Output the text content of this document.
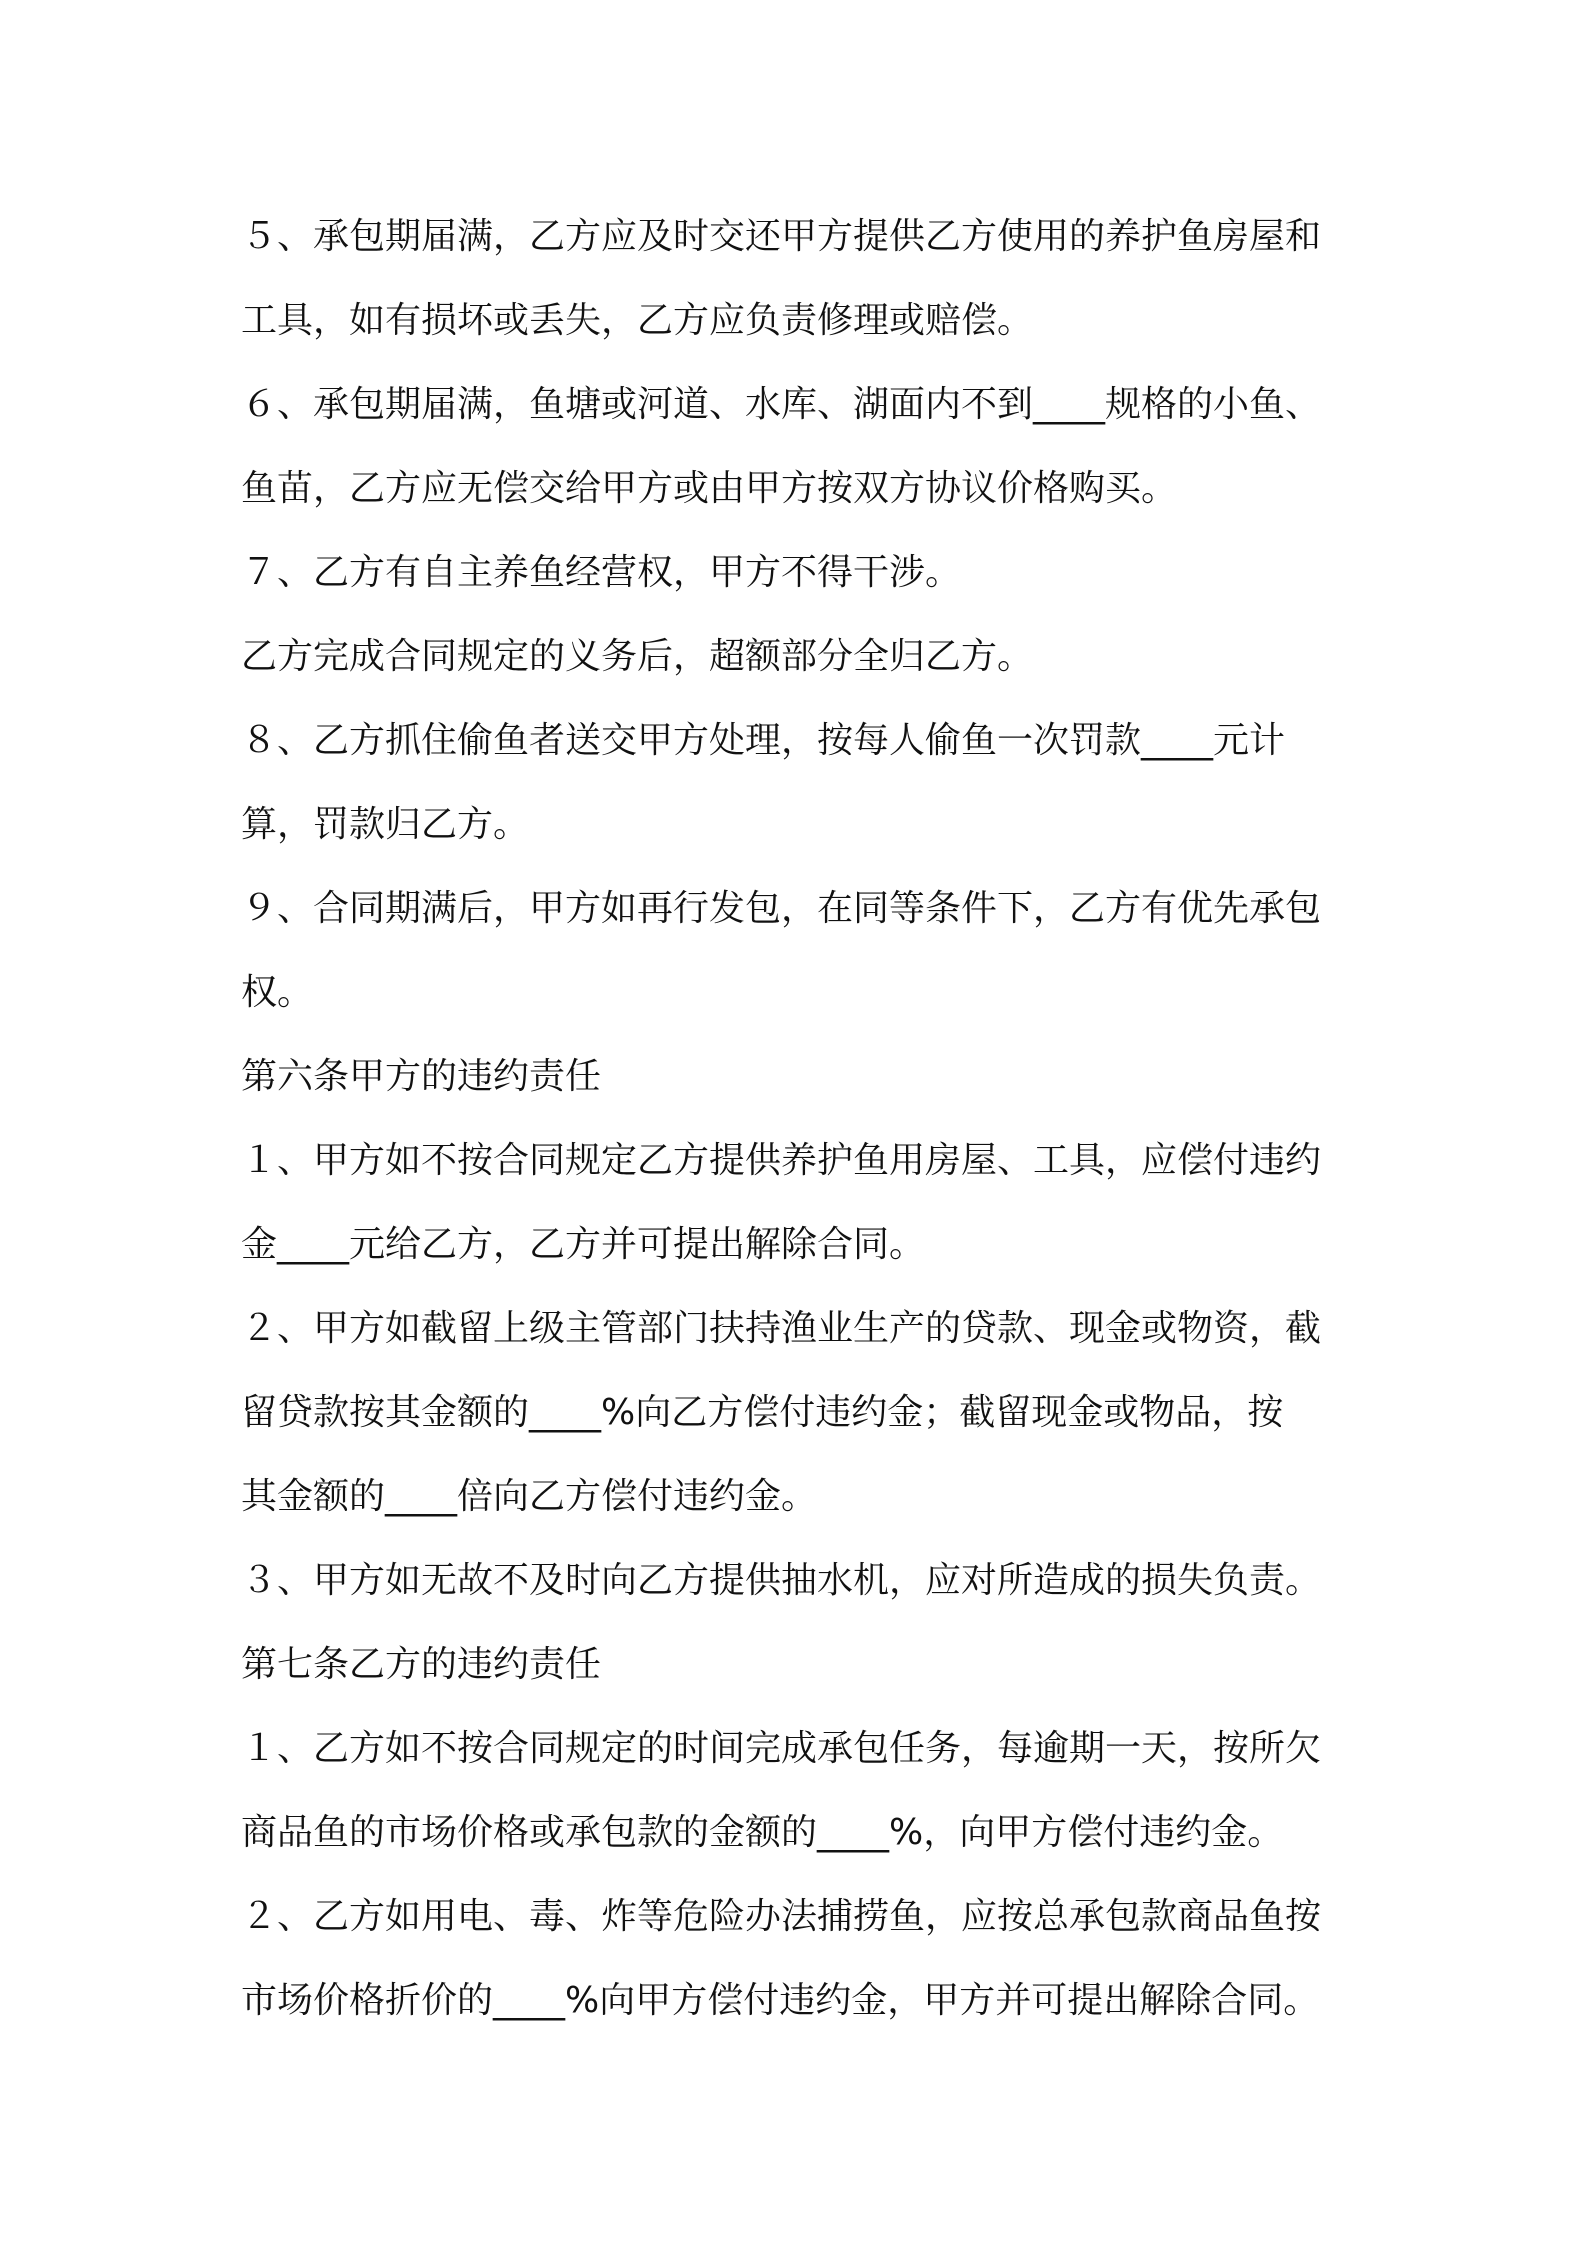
５、承包期届满，乙方应及时交还甲方提供乙方使用的养护鱼房屋和
工具，如有损坏或丢失，乙方应负责修理或赔偿。
６、承包期届满，鱼塘或河道、水库、湖面内不到____规格的小鱼、
鱼苗，乙方应无偿交给甲方或由甲方按双方协议价格购买。
７、乙方有自主养鱼经营权，甲方不得干涉。
乙方完成合同规定的义务后，超额部分全归乙方。
８、乙方抓住偷鱼者送交甲方处理，按每人偷鱼一次罚款____元计
算，罚款归乙方。
９、合同期满后，甲方如再行发包，在同等条件下，乙方有优先承包
权。
第六条甲方的违约责任
１、甲方如不按合同规定乙方提供养护鱼用房屋、工具，应偿付违约
金____元给乙方，乙方并可提出解除合同。
２、甲方如截留上级主管部门扶持渔业生产的贷款、现金或物资，截
留贷款按其金额的____%向乙方偿付违约金；截留现金或物品，按
其金额的____倍向乙方偿付违约金。
３、甲方如无故不及时向乙方提供抽水机，应对所造成的损失负责。
第七条乙方的违约责任
１、乙方如不按合同规定的时间完成承包任务，每逾期一天，按所欠
商品鱼的市场价格或承包款的金额的____%，向甲方偿付违约金。
２、乙方如用电、毒、炸等危险办法捕捞鱼，应按总承包款商品鱼按
市场价格折价的____%向甲方偿付违约金，甲方并可提出解除合同。
